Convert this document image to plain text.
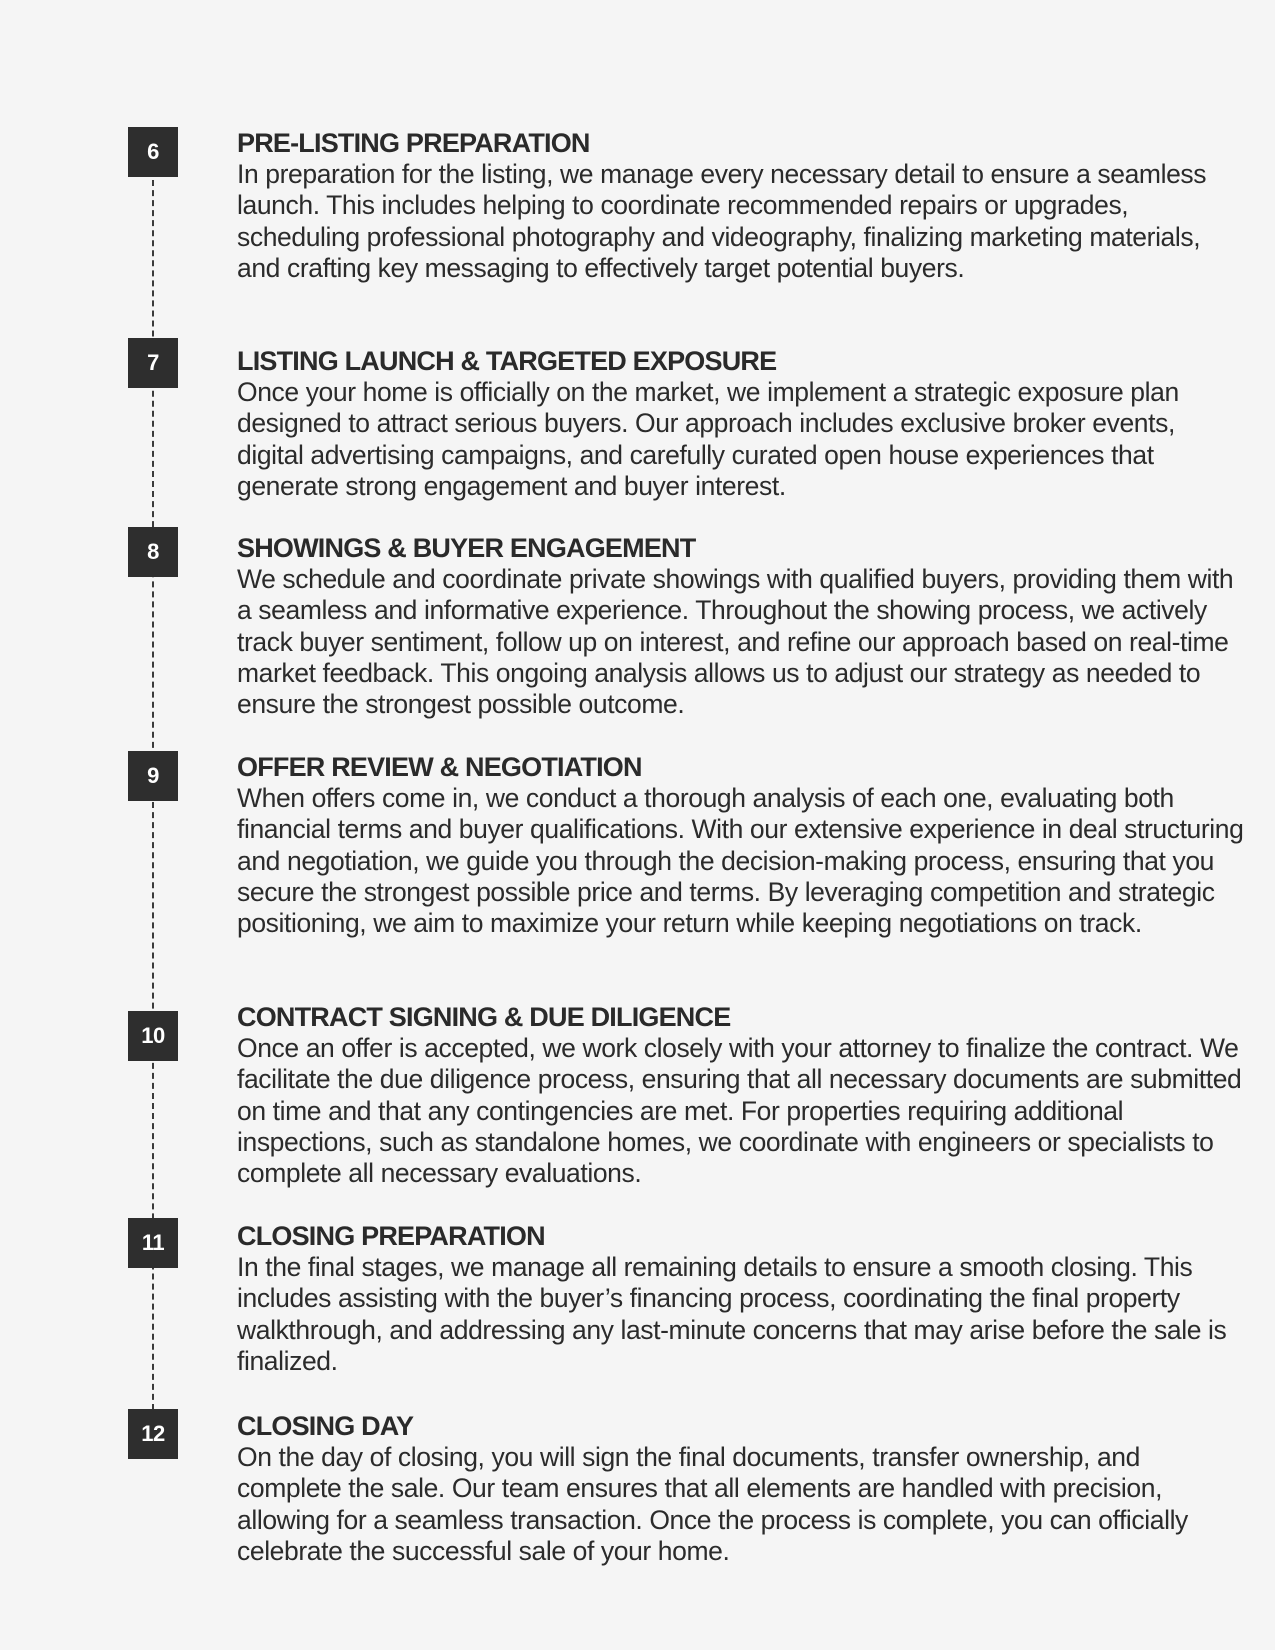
6	PRE-LISTING PREPARATION

In preparation for the listing, we manage every necessary detail to ensure a seamless launch. This includes helping to coordinate recommended repairs or upgrades, scheduling professional photography and videography, finalizing marketing materials, and crafting key messaging to effectively target potential buyers.

7	LISTING LAUNCH & TARGETED EXPOSURE

Once your home is officially on the market, we implement a strategic exposure plan designed to attract serious buyers. Our approach includes exclusive broker events, digital advertising campaigns, and carefully curated open house experiences that generate strong engagement and buyer interest.

8	SHOWINGS & BUYER ENGAGEMENT

We schedule and coordinate private showings with qualified buyers, providing them with a seamless and informative experience. Throughout the showing process, we actively track buyer sentiment, follow up on interest, and refine our approach based on real-time market feedback. This ongoing analysis allows us to adjust our strategy as needed to ensure the strongest possible outcome.

9	OFFER REVIEW & NEGOTIATION

When offers come in, we conduct a thorough analysis of each one, evaluating both financial terms and buyer qualifications. With our extensive experience in deal structuring and negotiation, we guide you through the decision-making process, ensuring that you secure the strongest possible price and terms. By leveraging competition and strategic positioning, we aim to maximize your return while keeping negotiations on track.

10
CONTRACT SIGNING & DUE DILIGENCE

Once an offer is accepted, we work closely with your attorney to finalize the contract. We facilitate the due diligence process, ensuring that all necessary documents are submitted on time and that any contingencies are met. For properties requiring additional inspections, such as standalone homes, we coordinate with engineers or specialists to complete all necessary evaluations.

11	CLOSING PREPARATION

In the final stages, we manage all remaining details to ensure a smooth closing. This includes assisting with the buyer’s financing process, coordinating the final property walkthrough, and addressing any last-minute concerns that may arise before the sale is finalized.

12	CLOSING DAY

On the day of closing, you will sign the final documents, transfer ownership, and complete the sale. Our team ensures that all elements are handled with precision, allowing for a seamless transaction. Once the process is complete, you can officially celebrate the successful sale of your home.
